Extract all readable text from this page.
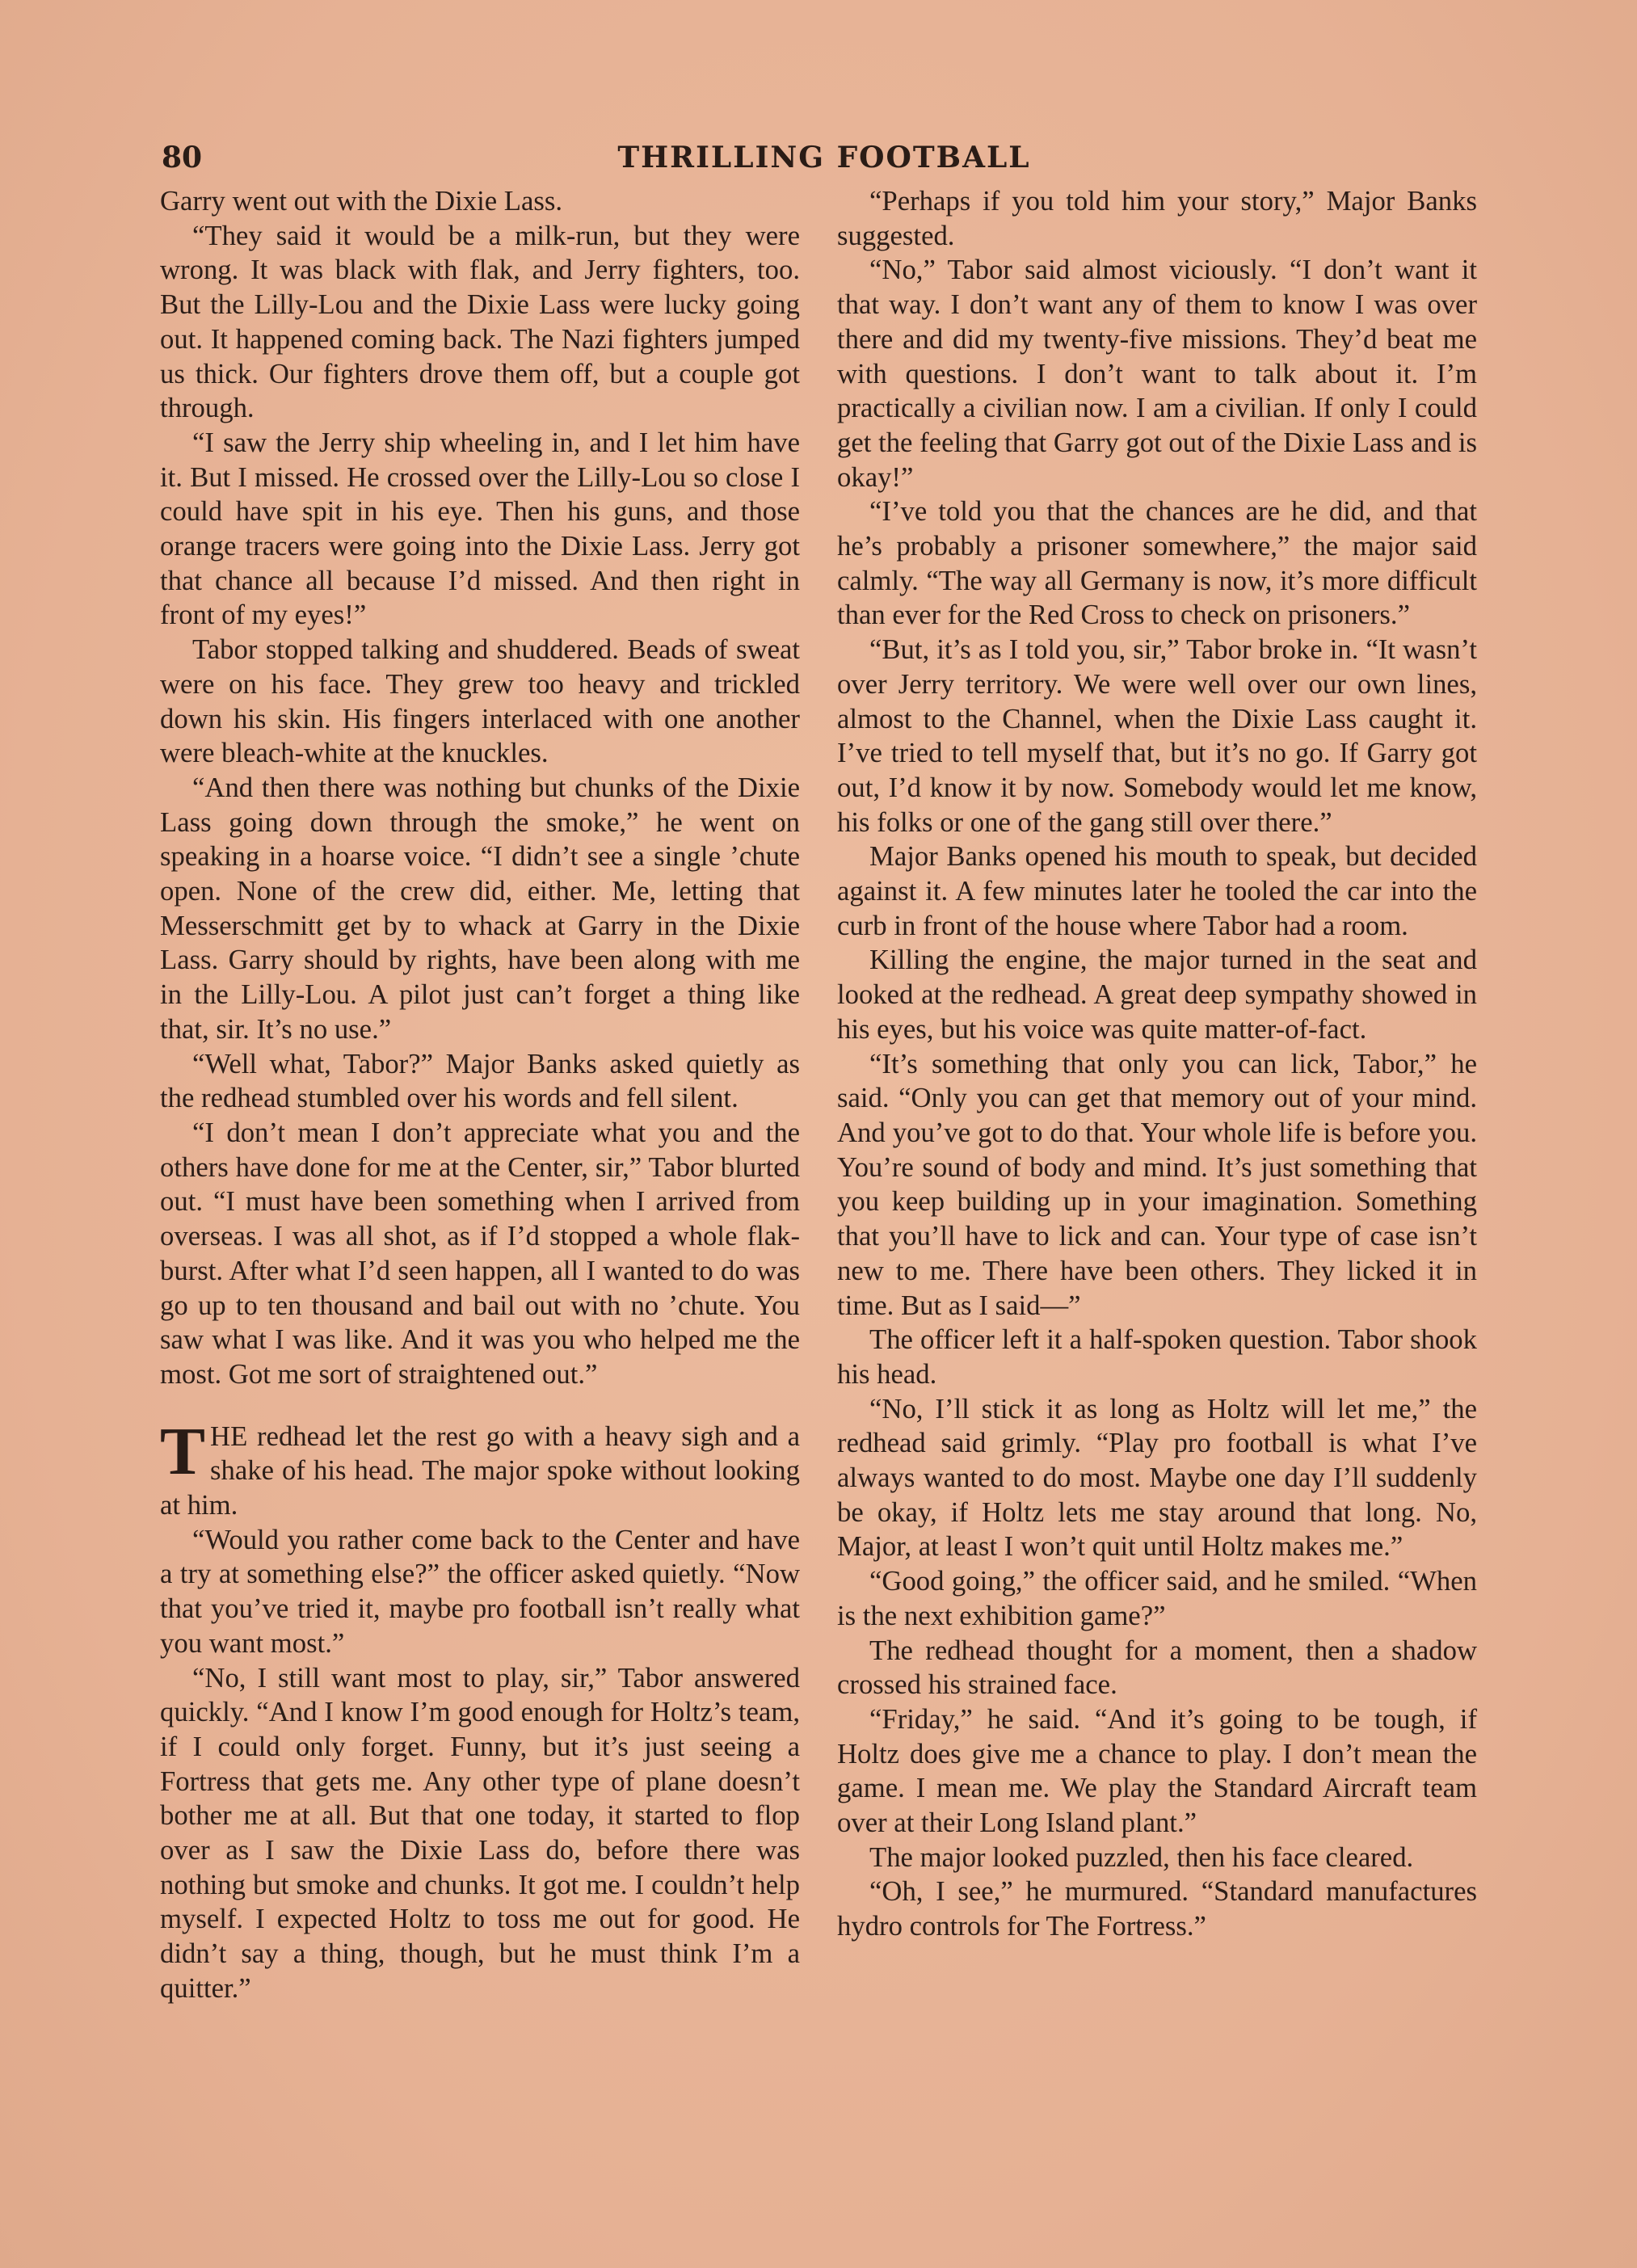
80	THRILLING FOOTBALL

Garry went out with the Dixie Lass.

“They said it would be a milk-run, but they were wrong. It was black with flak, and Jerry fighters, too. But the Lilly-Lou and the Dixie Lass were lucky going out. It happened coming back. The Nazi fighters jumped us thick. Our fighters drove them off, but a couple got through.

“I saw the Jerry ship wheeling in, and I let him have it. But I missed. He crossed over the Lilly-Lou so close I could have spit in his eye. Then his guns, and those orange tracers were going into the Dixie Lass. Jerry got that chance all because I’d missed. And then right in front of my eyes!”

Tabor stopped talking and shuddered. Beads of sweat were on his face. They grew too heavy and trickled down his skin. His fingers interlaced with one another were bleach-white at the knuckles.

“And then there was nothing but chunks of the Dixie Lass going down through the smoke,” he went on speaking in a hoarse voice. “I didn’t see a single ’chute open. None of the crew did, either. Me, letting that Messerschmitt get by to whack at Garry in the Dixie Lass. Garry should by rights, have been along with me in the Lilly-Lou. A pilot just can’t forget a thing like that, sir. It’s no use.”

“Well what, Tabor?” Major Banks asked quietly as the redhead stumbled over his words and fell silent.

“I don’t mean I don’t appreciate what you and the others have done for me at the Center, sir,” Tabor blurted out. “I must have been something when I arrived from overseas. I was all shot, as if I’d stopped a whole flak-burst. After what I’d seen happen, all I wanted to do was go up to ten thousand and bail out with no ’chute. You saw what I was like. And it was you who helped me the most. Got me sort of straightened out.”

THE redhead let the rest go with a heavy sigh and a shake of his head. The major spoke without looking at him.

“Would you rather come back to the Center and have a try at something else?” the officer asked quietly. “Now that you’ve tried it, maybe pro football isn’t really what you want most.”

“No, I still want most to play, sir,” Tabor answered quickly. “And I know I’m good enough for Holtz’s team, if I could only forget. Funny, but it’s just seeing a Fortress that gets me. Any other type of plane doesn’t bother me at all. But that one today, it started to flop over as I saw the Dixie Lass do, before there was nothing but smoke and chunks. It got me. I couldn’t help myself. I expected Holtz to toss me out for good. He didn’t say a thing, though, but he must think I’m a quitter.”

“Perhaps if you told him your story,” Major Banks suggested.

“No,” Tabor said almost viciously. “I don’t want it that way. I don’t want any of them to know I was over there and did my twenty-five missions. They’d beat me with questions. I don’t want to talk about it. I’m practically a civilian now. I am a civilian. If only I could get the feeling that Garry got out of the Dixie Lass and is okay!”

“I’ve told you that the chances are he did, and that he’s probably a prisoner somewhere,” the major said calmly. “The way all Germany is now, it’s more difficult than ever for the Red Cross to check on prisoners.”

“But, it’s as I told you, sir,” Tabor broke in. “It wasn’t over Jerry territory. We were well over our own lines, almost to the Channel, when the Dixie Lass caught it. I’ve tried to tell myself that, but it’s no go. If Garry got out, I’d know it by now. Somebody would let me know, his folks or one of the gang still over there.”

Major Banks opened his mouth to speak, but decided against it. A few minutes later he tooled the car into the curb in front of the house where Tabor had a room.

Killing the engine, the major turned in the seat and looked at the redhead. A great deep sympathy showed in his eyes, but his voice was quite matter-of-fact.

“It’s something that only you can lick, Tabor,” he said. “Only you can get that memory out of your mind. And you’ve got to do that. Your whole life is before you. You’re sound of body and mind. It’s just something that you keep building up in your imagination. Something that you’ll have to lick and can. Your type of case isn’t new to me. There have been others. They licked it in time. But as I said—”

The officer left it a half-spoken question. Tabor shook his head.

“No, I’ll stick it as long as Holtz will let me,” the redhead said grimly. “Play pro football is what I’ve always wanted to do most. Maybe one day I’ll suddenly be okay, if Holtz lets me stay around that long. No, Major, at least I won’t quit until Holtz makes me.”

“Good going,” the officer said, and he smiled. “When is the next exhibition game?”

The redhead thought for a moment, then a shadow crossed his strained face.

“Friday,” he said. “And it’s going to be tough, if Holtz does give me a chance to play. I don’t mean the game. I mean me. We play the Standard Aircraft team over at their Long Island plant.”

The major looked puzzled, then his face cleared.

“Oh, I see,” he murmured. “Standard manufactures hydro controls for The Fortress.”
